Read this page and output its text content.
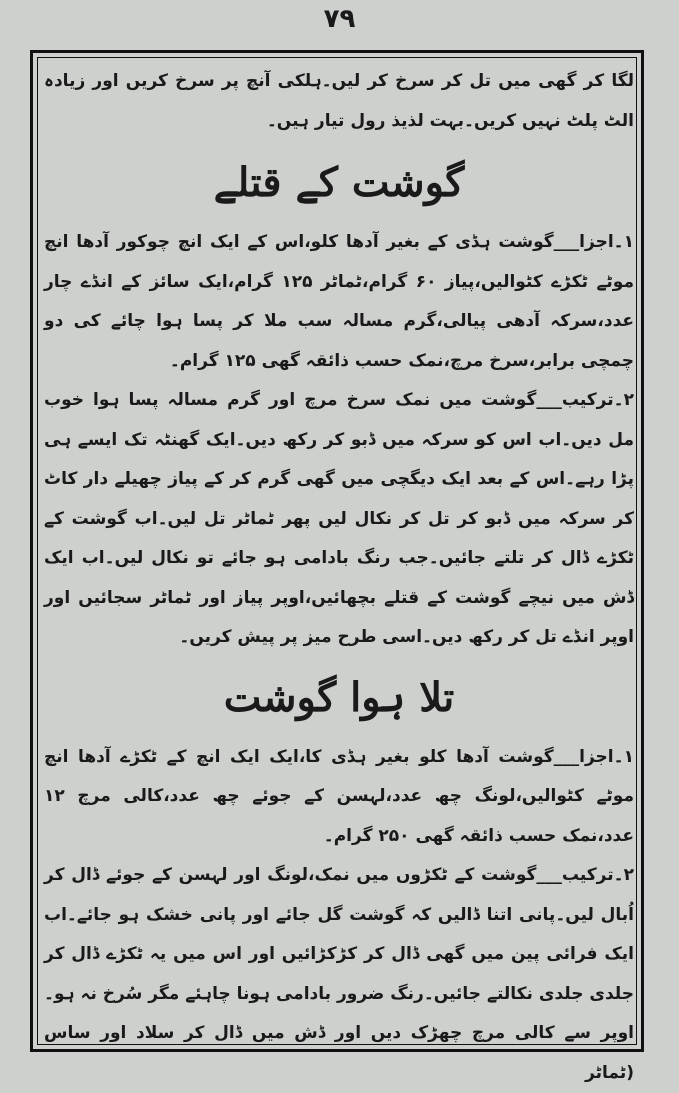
۷۹

لگا کر گھی میں تل کر سرخ کر لیں۔ہلکی آنچ پر سرخ کریں اور زیادہ الٹ پلٹ نہیں کریں۔بہت لذیذ رول تیار ہیں۔

گوشت کے قتلے

۱۔اجزا___گوشت ہڈی کے بغیر آدھا کلو،اس کے ایک انچ چوکور آدھا انچ موٹے ٹکڑے کٹوالیں،پیاز ۶۰ گرام،ٹماٹر ۱۲۵ گرام،ایک سائز کے انڈے چار عدد،سرکہ آدھی پیالی،گرم مسالہ سب ملا کر پسا ہوا چائے کی دو چمچی برابر،سرخ مرچ،نمک حسب ذائقہ گھی ۱۲۵ گرام۔

۲۔ترکیب___گوشت میں نمک سرخ مرچ اور گرم مسالہ پسا ہوا خوب مل دیں۔اب اس کو سرکہ میں ڈبو کر رکھ دیں۔ایک گھنٹہ تک ایسے ہی پڑا رہے۔اس کے بعد ایک دیگچی میں گھی گرم کر کے پیاز چھیلے دار کاٹ کر سرکہ میں ڈبو کر تل کر نکال لیں پھر ٹماٹر تل لیں۔اب گوشت کے ٹکڑے ڈال کر تلتے جائیں۔جب رنگ بادامی ہو جائے تو نکال لیں۔اب ایک ڈش میں نیچے گوشت کے قتلے بچھائیں،اوپر پیاز اور ٹماٹر سجائیں اور اوپر انڈے تل کر رکھ دیں۔اسی طرح میز پر پیش کریں۔

تلا ہوا گوشت

۱۔اجزا___گوشت آدھا کلو بغیر ہڈی کا،ایک ایک انچ کے ٹکڑے آدھا انچ موٹے کٹوالیں،لونگ چھ عدد،لہسن کے جوئے چھ عدد،کالی مرچ ۱۲ عدد،نمک حسب ذائقہ گھی ۲۵۰ گرام۔

۲۔ترکیب___گوشت کے ٹکڑوں میں نمک،لونگ اور لہسن کے جوئے ڈال کر اُبال لیں۔پانی اتنا ڈالیں کہ گوشت گل جائے اور پانی خشک ہو جائے۔اب ایک فرائی پین میں گھی ڈال کر کڑکڑائیں اور اس میں یہ ٹکڑے ڈال کر جلدی جلدی نکالتے جائیں۔رنگ ضرور بادامی ہونا چاہئے مگر سُرخ نہ ہو۔اوپر سے کالی مرچ چھڑک دیں اور ڈش میں ڈال کر سلاد اور ساس (ٹماٹر
